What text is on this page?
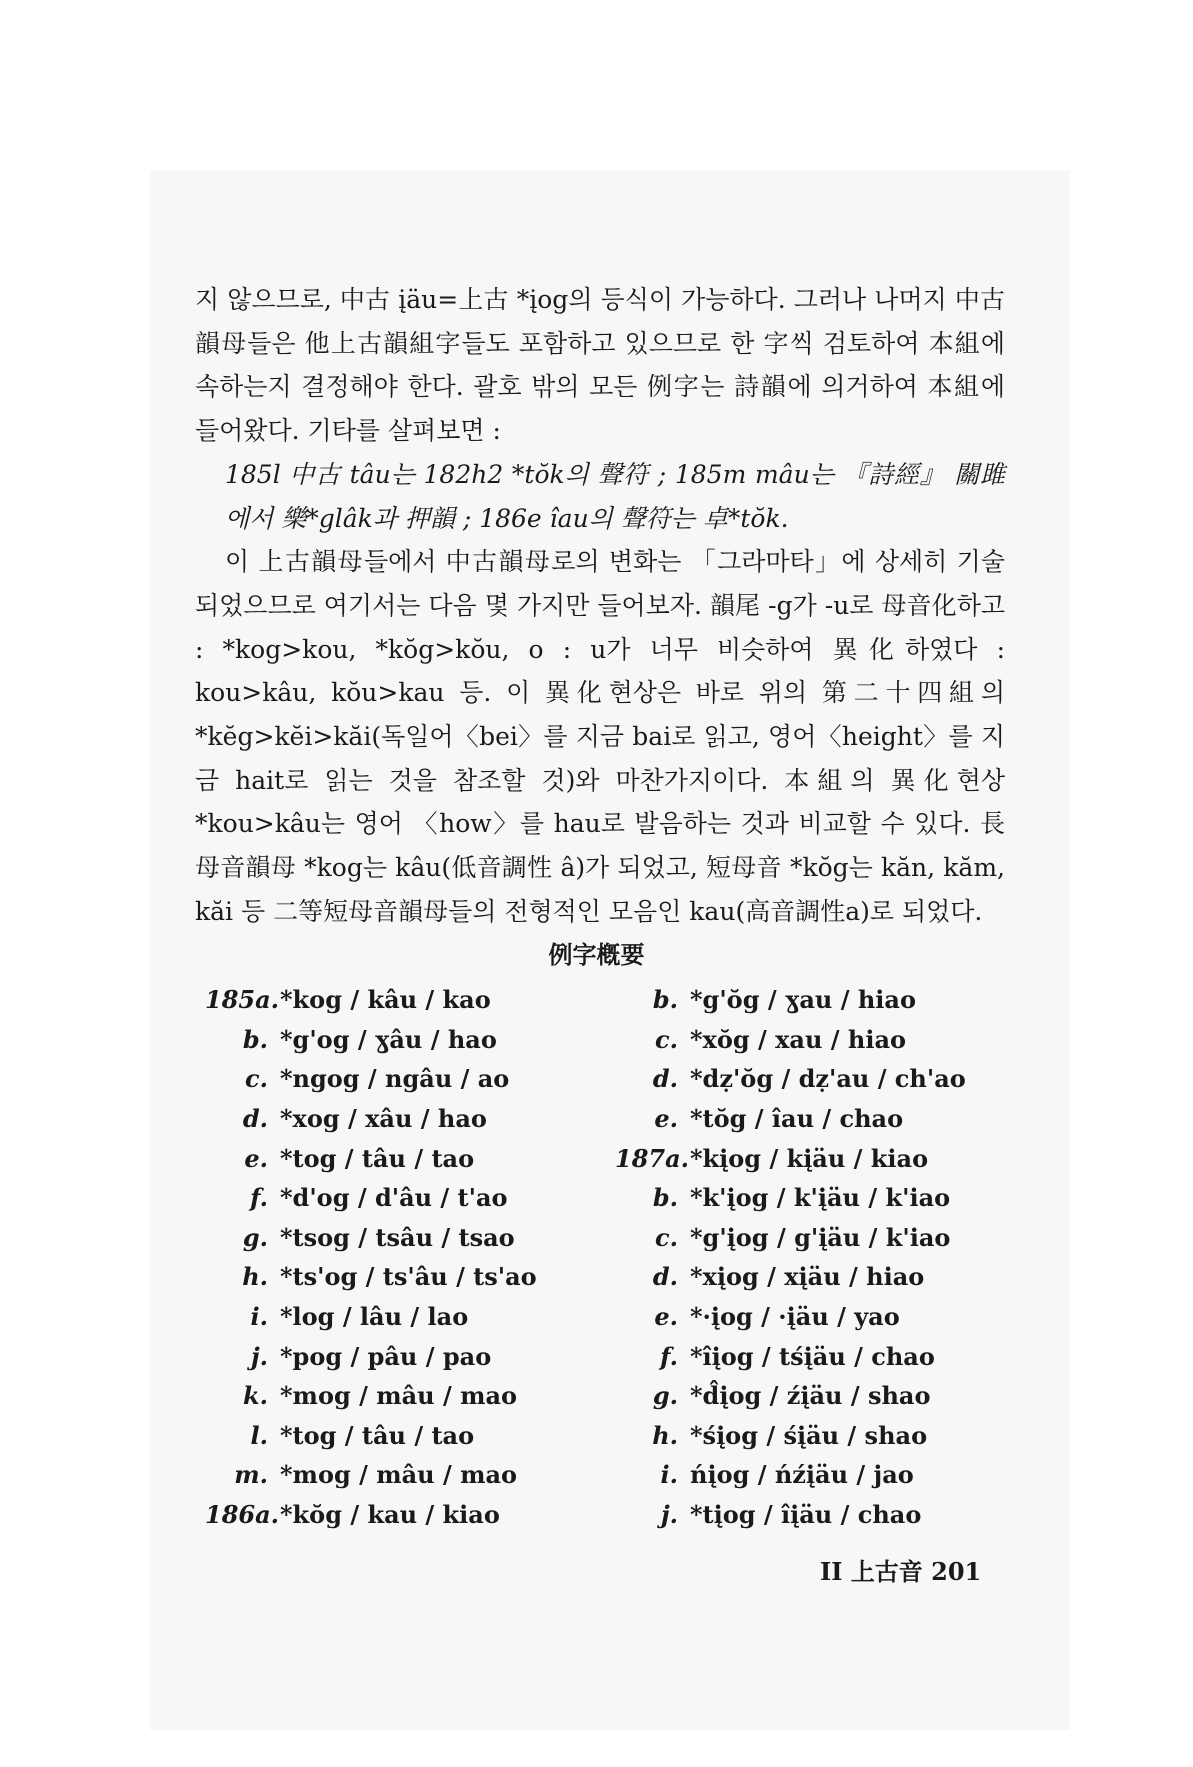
지 않으므로, 中古 įäu=上古 *įog의 등식이 가능하다. 그러나 나머지 中古韻母들은 他上古韻組字들도 포함하고 있으므로 한 字씩 검토하여 本組에 속하는지 결정해야 한다. 괄호 밖의 모든 例字는 詩韻에 의거하여 本組에 들어왔다. 기타를 살펴보면 :

185l 中古 tâu는 182h2 *tŏk의 聲符 ; 185m mâu는 『詩經』 關雎에서 樂*glâk과 押韻 ; 186e îau의 聲符는 卓*tŏk.

이 上古韻母들에서 中古韻母로의 변화는 「그라마타」에 상세히 기술되었으므로 여기서는 다음 몇 가지만 들어보자. 韻尾 -g가 -u로 母音化하고 : *kog>kou, *kŏg>kŏu, o : u가 너무 비슷하여 異化하였다 : kou>kâu, kŏu>kau 등. 이 異化현상은 바로 위의 第二十四組의 *kĕg>kĕi>kăi(독일어〈bei〉를 지금 bai로 읽고, 영어〈height〉를 지금 hait로 읽는 것을 참조할 것)와 마찬가지이다. 本組의 異化현상 *kou>kâu는 영어 〈how〉를 hau로 발음하는 것과 비교할 수 있다. 長母音韻母 *kog는 kâu(低音調性 â)가 되었고, 短母音 *kŏg는 kăn, kăm, kăi 등 二等短母音韻母들의 전형적인 모음인 kau(高音調性a)로 되었다.

例字槪要
185a. *kog / kâu / kao
b. *g'og / ɣâu / hao
c. *ngog / ngâu / ao
d. *xog / xâu / hao
e. *tog / tâu / tao
f. *d'og / d'âu / t'ao
g. *tsog / tsâu / tsao
h. *ts'og / ts'âu / ts'ao
i. *log / lâu / lao
j. *pog / pâu / pao
k. *mog / mâu / mao
l. *tog / tâu / tao
m. *mog / mâu / mao
186a. *kŏg / kau / kiao
b. *g'ŏg / ɣau / hiao
c. *xŏg / xau / hiao
d. *dẓ'ŏg / dẓ'au / ch'ao
e. *tŏg / îau / chao
187a. *kįog / kįäu / kiao
b. *k'įog / k'įäu / k'iao
c. *g'įog / g'įäu / k'iao
d. *xįog / xįäu / hiao
e. *·įog / ·įäu / yao
f. *îįog / tśįäu / chao
g. *d̂įog / źįäu / shao
h. *śįog / śįäu / shao
i. ńįog / ńźįäu / jao
j. *tįog / îįäu / chao
II 上古音 201
